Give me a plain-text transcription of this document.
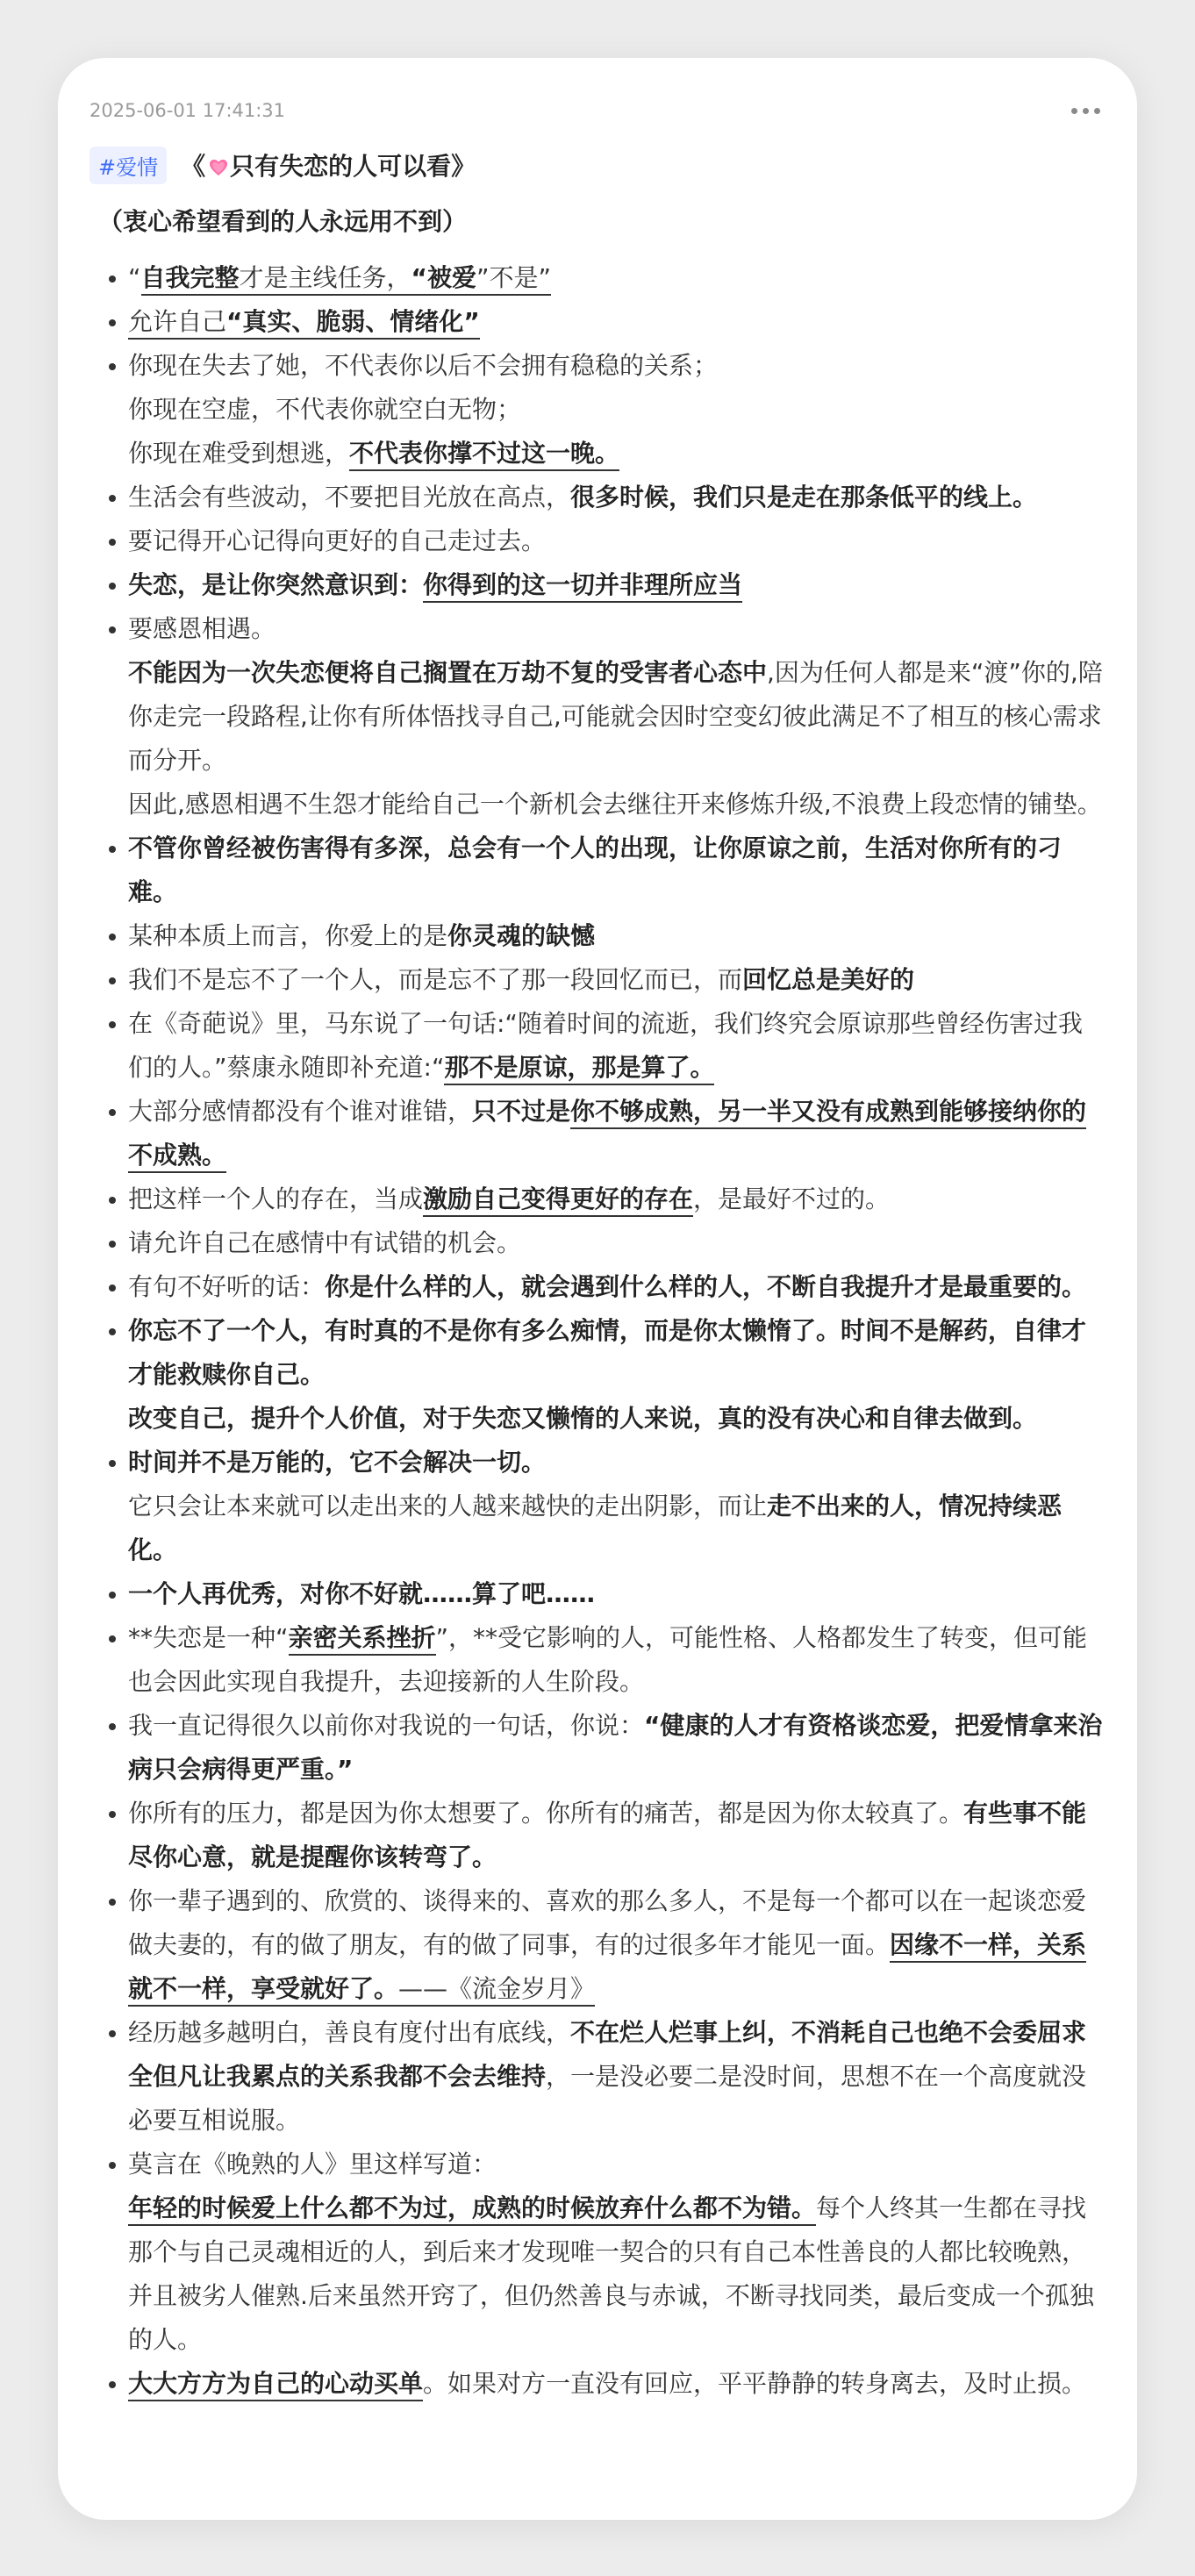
2025-06-01 17:41:31
#爱情 《 只有失恋的人可以看》
（衷心希望看到的人永远用不到）

“自我完整才是主线任务，“被爱”不是”

允许自己“真实、脆弱、情绪化”

你现在失去了她，不代表你以后不会拥有稳稳的关系；

你现在空虚，不代表你就空白无物；

你现在难受到想逃，不代表你撑不过这一晚。

生活会有些波动，不要把目光放在高点，很多时候，我们只是走在那条低平的线上。

要记得开心记得向更好的自己走过去。

失恋，是让你突然意识到：你得到的这一切并非理所应当

要感恩相遇。

不能因为一次失恋便将自己搁置在万劫不复的受害者心态中,因为任何人都是来“渡”你的,陪你走完一段路程,让你有所体悟找寻自己,可能就会因时空变幻彼此满足不了相互的核心需求而分开。

因此,感恩相遇不生怨才能给自己一个新机会去继往开来修炼升级,不浪费上段恋情的铺垫。

不管你曾经被伤害得有多深，总会有一个人的出现，让你原谅之前，生活对你所有的刁难。

某种本质上而言，你爱上的是你灵魂的缺憾

我们不是忘不了一个人，而是忘不了那一段回忆而已，而回忆总是美好的

在《奇葩说》里，马东说了一句话:“随着时间的流逝，我们终究会原谅那些曾经伤害过我们的人。”蔡康永随即补充道:“那不是原谅，那是算了。

大部分感情都没有个谁对谁错，只不过是你不够成熟，另一半又没有成熟到能够接纳你的不成熟。

把这样一个人的存在，当成激励自己变得更好的存在，是最好不过的。

请允许自己在感情中有试错的机会。

有句不好听的话：你是什么样的人，就会遇到什么样的人，不断自我提升才是最重要的。

你忘不了一个人，有时真的不是你有多么痴情，而是你太懒惰了。时间不是解药，自律才才能救赎你自己。

改变自己，提升个人价值，对于失恋又懒惰的人来说，真的没有决心和自律去做到。

时间并不是万能的，它不会解决一切。

它只会让本来就可以走出来的人越来越快的走出阴影，而让走不出来的人，情况持续恶化。

一个人再优秀，对你不好就……算了吧……

**失恋是一种“亲密关系挫折”，**受它影响的人，可能性格、人格都发生了转变，但可能也会因此实现自我提升，去迎接新的人生阶段。

我一直记得很久以前你对我说的一句话，你说：“健康的人才有资格谈恋爱，把爱情拿来治病只会病得更严重。”

你所有的压力，都是因为你太想要了。你所有的痛苦，都是因为你太较真了。有些事不能尽你心意，就是提醒你该转弯了。

你一辈子遇到的、欣赏的、谈得来的、喜欢的那么多人，不是每一个都可以在一起谈恋爱做夫妻的，有的做了朋友，有的做了同事，有的过很多年才能见一面。因缘不一样，关系就不一样，享受就好了。——《流金岁月》

经历越多越明白，善良有度付出有底线，不在烂人烂事上纠，不消耗自己也绝不会委屈求全但凡让我累点的关系我都不会去维持，一是没必要二是没时间，思想不在一个高度就没必要互相说服。

莫言在《晚熟的人》里这样写道：

年轻的时候爱上什么都不为过，成熟的时候放弃什么都不为错。每个人终其一生都在寻找那个与自己灵魂相近的人，到后来才发现唯一契合的只有自己本性善良的人都比较晚熟，并且被劣人催熟.后来虽然开窍了，但仍然善良与赤诚，不断寻找同类，最后变成一个孤独的人。

大大方方为自己的心动买单。如果对方一直没有回应，平平静静的转身离去，及时止损。
